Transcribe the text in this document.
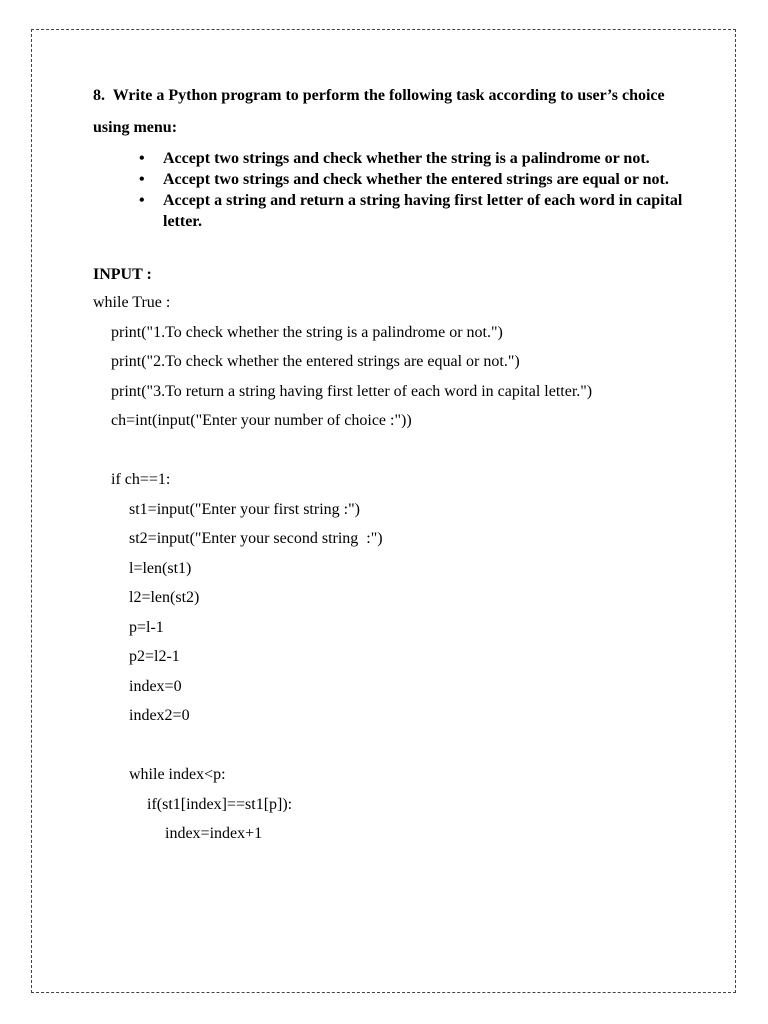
8. Write a Python program to perform the following task according to user’s choice

using menu:

• Accept two strings and check whether the string is a palindrome or not.
• Accept two strings and check whether the entered strings are equal or not.
• Accept a string and return a string having first letter of each word in capital letter.

INPUT :

while True :
print("1.To check whether the string is a palindrome or not.")
print("2.To check whether the entered strings are equal or not.")
print("3.To return a string having first letter of each word in capital letter.")
ch=int(input("Enter your number of choice :"))
if ch==1:
st1=input("Enter your first string :")
st2=input("Enter your second string  :")
l=len(st1)
l2=len(st2)
p=l-1
p2=l2-1
index=0
index2=0
while index<p:
if(st1[index]==st1[p]):
index=index+1
